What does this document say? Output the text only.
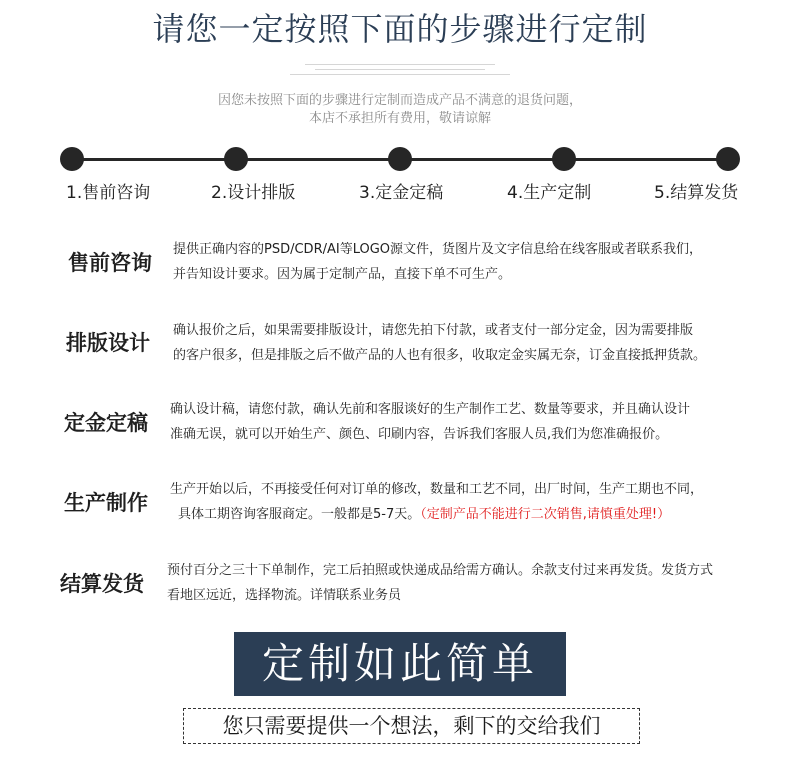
请您一定按照下面的步骤进行定制
因您未按照下面的步骤进行定制而造成产品不满意的退货问题，
本店不承担所有费用，敬请谅解
1.售前咨询	2.设计排版	3.定金定稿	4.生产定制	5.结算发货
售前咨询
提供正确内容的PSD/CDR/AI等LOGO源文件，货图片及文字信息给在线客服或者联系我们，
并告知设计要求。因为属于定制产品，直接下单不可生产。
排版设计
确认报价之后，如果需要排版设计，请您先拍下付款，或者支付一部分定金，因为需要排版
的客户很多，但是排版之后不做产品的人也有很多，收取定金实属无奈，订金直接抵押货款。
定金定稿
确认设计稿，请您付款，确认先前和客服谈好的生产制作工艺、数量等要求，并且确认设计
准确无误，就可以开始生产、颜色、印刷内容，告诉我们客服人员,我们为您准确报价。
生产制作
生产开始以后，不再接受任何对订单的修改，数量和工艺不同，出厂时间，生产工期也不同，
具体工期咨询客服商定。一般都是5-7天。（定制产品不能进行二次销售,请慎重处理!）
结算发货
预付百分之三十下单制作，完工后拍照或快递成品给需方确认。余款支付过来再发货。发货方式
看地区远近，选择物流。详情联系业务员
定制如此简单
您只需要提供一个想法，剩下的交给我们
